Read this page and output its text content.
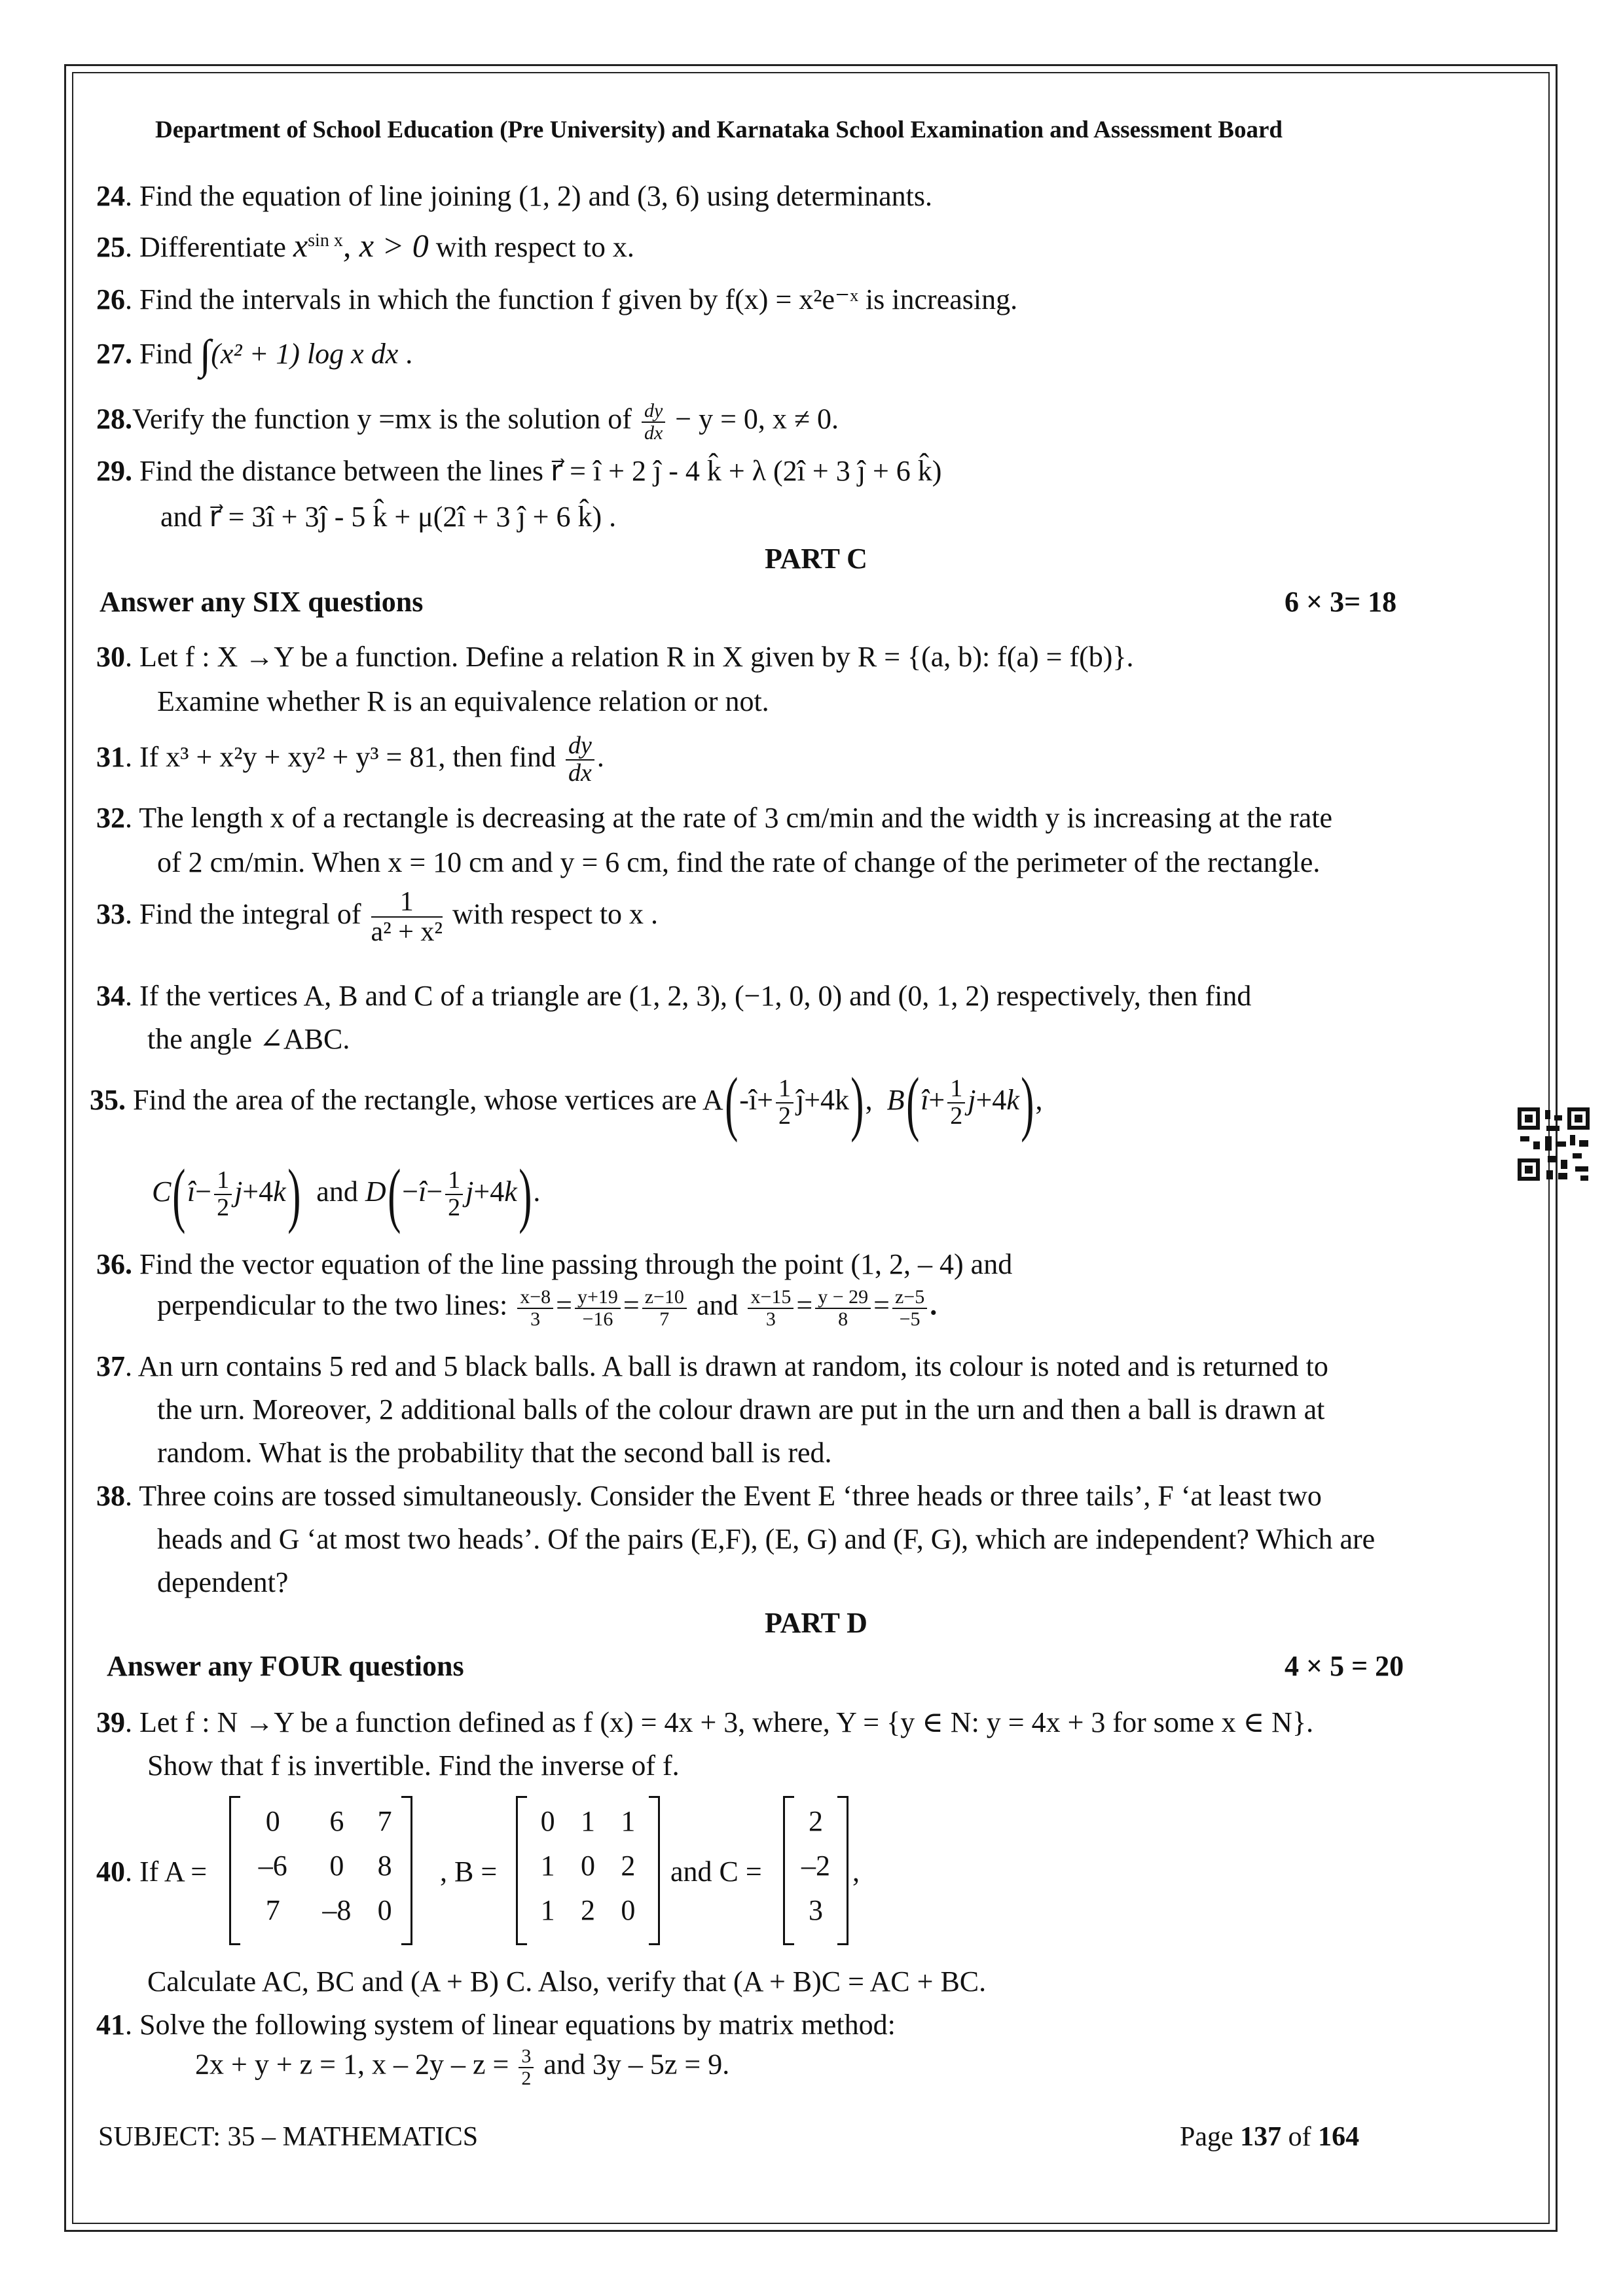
Department of School Education (Pre University) and Karnataka School Examination and Assessment Board
24. Find the equation of line joining (1, 2) and (3, 6) using determinants.
25. Differentiate $x^{sin x}$, x > 0 with respect to x.
26. Find the intervals in which the function f given by f(x) = x²e⁻ˣ is increasing.
27. Find ∫(x² + 1) log x dx .
28.Verify the function y =mx is the solution of $\frac{dy}{dx} - y = 0$, x ≠ 0.
29. Find the distance between the lines r⃗ = î + 2 ĵ - 4 k̂ + λ (2î + 3 ĵ + 6 k̂)
and r⃗ = 3î + 3ĵ - 5 k̂ + μ(2î + 3 ĵ + 6 k̂) .
PART C
Answer any SIX questions	6 × 3= 18
30. Let f : X →Y be a function. Define a relation R in X given by R = {(a, b): f(a) = f(b)}.
Examine whether R is an equivalence relation or not.
31. If x³ + x²y + xy² + y³ = 81, then find $\frac{dy}{dx}$ .
32. The length x of a rectangle is decreasing at the rate of 3 cm/min and the width y is increasing at the rate
of 2 cm/min. When x = 10 cm and y = 6 cm, find the rate of change of the perimeter of the rectangle.
33. Find the integral of $\frac{1}{\text{a² + x²}}$ with respect to x .
34. If the vertices A, B and C of a triangle are (1, 2, 3), (−1, 0, 0) and (0, 1, 2) respectively, then find
the angle ∠ABC.
35. Find the area of the rectangle, whose vertices are A(-î+ $\frac{1}{2}$ ĵ+4k),  B(î+ $\frac{1}{2} j+4k$),
C(î− $\frac{1}{2} j+4k$) and D(−î− $\frac{1}{2} j+4k$).
36. Find the vector equation of the line passing through the point (1, 2, – 4) and
perpendicular to the two lines: $\frac{x-8}{3} = \frac{y+19}{-16} = \frac{z-10}{7}$ and $\frac{x-15}{3} = \frac{y - 29}{8} = \frac{z-5}{-5}$ .
37. An urn contains 5 red and 5 black balls. A ball is drawn at random, its colour is noted and is returned to
the urn. Moreover, 2 additional balls of the colour drawn are put in the urn and then a ball is drawn at
random. What is the probability that the second ball is red.
38. Three coins are tossed simultaneously. Consider the Event E ‘three heads or three tails’, F ‘at least two
heads and G ‘at most two heads’. Of the pairs (E,F), (E, G) and (F, G), which are independent? Which are
dependent?
PART D
Answer any FOUR questions	4 × 5 = 20
39. Let f : N →Y be a function defined as f (x) = 4x + 3, where, Y = {y ∈ N: y = 4x + 3 for some x ∈ N}.
Show that f is invertible. Find the inverse of f.
40. If A =
0	6	7
–6	0	8
7	–8	0
, B =
0	1	1
1	0	2
1	2	0
and C =
2
–2
3
,
Calculate AC, BC and (A + B) C. Also, verify that (A + B)C = AC + BC.
41. Solve the following system of linear equations by matrix method:
2x + y + z = 1, $x - 2y - z = \frac{3}{2}$ and 3y – 5z = 9.
SUBJECT: 35 – MATHEMATICS	Page 137 of 164
